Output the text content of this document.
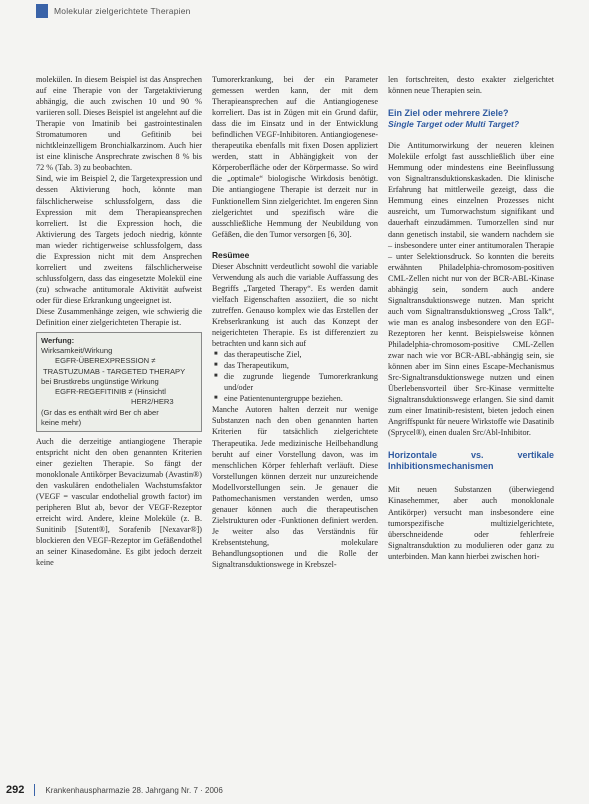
Molekular zielgerichtete Therapien

molekülen. In diesem Beispiel ist das Ansprechen auf eine Therapie von der Targetaktivierung abhängig, die auch zwischen 10 und 90 % variieren soll. Dieses Beispiel ist angelehnt auf die Therapie von Imatinib bei gastrointestinalen Stromatumoren und Gefitinib bei nichtkleinzelligem Bronchialkarzinom. Auch hier ist eine klinische Ansprechrate zwischen 8 % bis 72 % (Tab. 3) zu beobachten.

Sind, wie im Beispiel 2, die Targetexpression und dessen Aktivierung hoch, könnte man fälschlicherweise schlussfolgern, dass die Expression mit dem Therapieansprechen korreliert. Ist die Expression hoch, die Aktivierung des Targets jedoch niedrig, könnte man wieder richtigerweise schlussfolgern, dass die Expression nicht mit dem Ansprechen korreliert und zweitens fälschlicherweise schlussfolgern, dass das eingesetzte Molekül eine (zu) schwache antitumorale Aktivität aufweist oder für diese Erkrankung ungeeignet ist.

Diese Zusammenhänge zeigen, wie schwierig die Definition einer zielgerichteten Therapie ist.

Werfung:
Wirksamkeit/Wirkung
EGFR-ÜBEREXPRESSION ≠
TRASTUZUMAB - TARGETED THERAPY
bei Brustkrebs ungünstige Wirkung
EGFR-REGEFITINIB ≠ (Hinsichtl
HER2/HER3
(Gr das es enthält wird Ber ch aber
keine mehr)

Auch die derzeitige antiangiogene Therapie entspricht nicht den oben genannten Kriterien einer gezielten Therapie. So fängt der monoklonale Antikörper Bevacizumab (Avastin®) den vaskulären endothelialen Wachstumsfaktor (VEGF = vascular endothelial growth factor) im peripheren Blut ab, bevor der VEGF-Rezeptor erreicht wird. Andere, kleine Moleküle (z. B. Sunitinib [Sutent®], Sorafenib [Nexavar®]) blockieren den VEGF-Rezeptor im Gefäßendothel an seiner Kinasedomäne. Es gibt jedoch derzeit keine

Tumorerkrankung, bei der ein Parameter gemessen werden kann, der mit dem Therapieansprechen auf die Antiangiogenese korreliert. Das ist in Zügen mit ein Grund dafür, dass die im Einsatz und in der Entwicklung befindlichen VEGF-Inhibitoren. Antiangiogenese-therapeutika ebenfalls mit fixen Dosen appliziert werden, statt in Abhängigkeit von der Körperoberfläche oder der Körpermasse. So wird die „optimale“ biologische Wirkdosis benötigt. Die antiangiogene Therapie ist derzeit nur in Funktionellem Sinn zielgerichtet. Im engeren Sinn zielgerichtet und spezifisch wäre die ausschließliche Hemmung der Neubildung von Gefäßen, die den Tumor versorgen [6, 30].

Resümee

Dieser Abschnitt verdeutlicht sowohl die variable Verwendung als auch die variable Auffassung des Begriffs „Targeted Therapy“. Es werden damit vielfach Eigenschaften assoziiert, die so nicht zutreffen. Genauso komplex wie das Erstellen der Krebserkrankung ist auch das Konzept der neigerichteten Therapie. Es ist differenziert zu betrachten und kann sich auf

■ das therapeutische Ziel,
■ das Therapeutikum,
■ die zugrunde liegende Tumorerkrankung und/oder
■ eine Patientenuntergruppe beziehen.

Manche Autoren halten derzeit nur wenige Substanzen nach den oben genannten harten Kriterien für tatsächlich zielgerichtete Therapeutika. Jede medizinische Heilbehandlung beruht auf einer Vorstellung davon, was im menschlichen Körper fehlerhaft verläuft. Diese Vorstellungen können derzeit nur unzureichende Modellvorstellungen sein. Je genauer die Pathomechanismen verstanden werden, umso genauer können auch die therapeutischen Zielstrukturen oder -Funktionen definiert werden. Je weiter also das Verständnis für Krebsentstehung, molekulare Behandlungsoptionen und die Rolle der Signaltransduktionswege in Krebszel-

len fortschreiten, desto exakter zielgerichtet können neue Therapien sein.

Ein Ziel oder mehrere Ziele?
Single Target oder Multi Target?

Die Antitumorwirkung der neueren kleinen Moleküle erfolgt fast ausschließlich über eine Hemmung oder mindestens eine Beeinflussung von Signaltransduktionskaskaden. Die klinische Erfahrung hat mittlerweile gezeigt, dass die Hemmung eines einzelnen Prozesses nicht ausreicht, um Tumorwachstum signifikant und dauerhaft einzudämmen. Tumorzellen sind nur dann genetisch instabil, sie wandern nachdem sie – insbesondere unter einer antitumoralen Therapie – unter Selektionsdruck. So konnten die bereits erwähnten Philadelphia-chromosom-positiven CML-Zellen nicht nur von der BCR-ABL-Kinase abhängig sein, sondern auch andere Signaltransduktionswege nutzen. Man spricht auch vom Signaltransduktionsweg „Cross Talk“, wie man es analog insbesondere von den EGF-Rezeptoren her kennt. Beispielsweise können Philadelphia-chromosom-positive CML-Zellen zwar nach wie vor BCR-ABL-abhängig sein, sie können aber im Sinn eines Escape-Mechanismus Src-Signaltransduktionswege nutzen und einen Überlebensvorteil über Src-Kinase vermittelte Signaltransduktionswege erlangen. Sie sind damit zum einer Imatinib-resistent, bieten jedoch einen Angriffspunkt für neuere Wirkstoffe wie Dasatinib (Sprycel®), einen dualen Src/Abl-Inhibitor.

Horizontale vs. vertikale Inhibitionsmechanismen

Mit neuen Substanzen (überwiegend Kinasehemmer, aber auch monoklonale Antikörper) versucht man insbesondere eine tumorspezifische multizielgerichtete, überschneidende oder fehlerfreie Signaltransduktion zu modulieren oder ganz zu unterbinden. Man kann hierbei zwischen hori-

292	Krankenhauspharmazie 28. Jahrgang Nr. 7 · 2006
